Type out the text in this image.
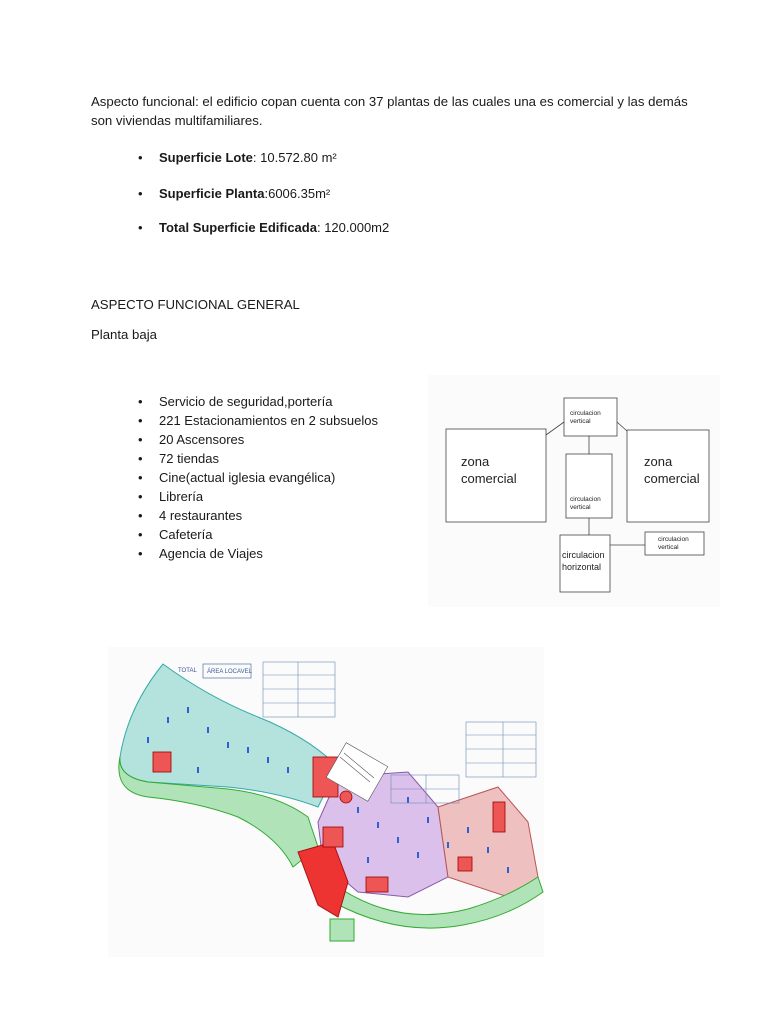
Aspecto funcional: el edificio copan cuenta con 37 plantas de las cuales una es comercial y las demás son viviendas multifamiliares.
• Superficie Lote: 10.572.80 m²
• Superficie Planta:6006.35m²
• Total Superficie Edificada: 120.000m2
ASPECTO FUNCIONAL GENERAL
Planta baja
• Servicio de seguridad,portería
• 221 Estacionamientos en 2 subsuelos
• 20 Ascensores
• 72 tiendas
• Cine(actual iglesia evangélica)
• Librería
• 4 restaurantes
• Cafetería
• Agencia de Viajes
zona
comercial
zona
comercial
circulacion
vertical
circulacion
vertical
circulacion
horizontal
circulacion
vertical
TOTAL ÁREA LOCAVEL
